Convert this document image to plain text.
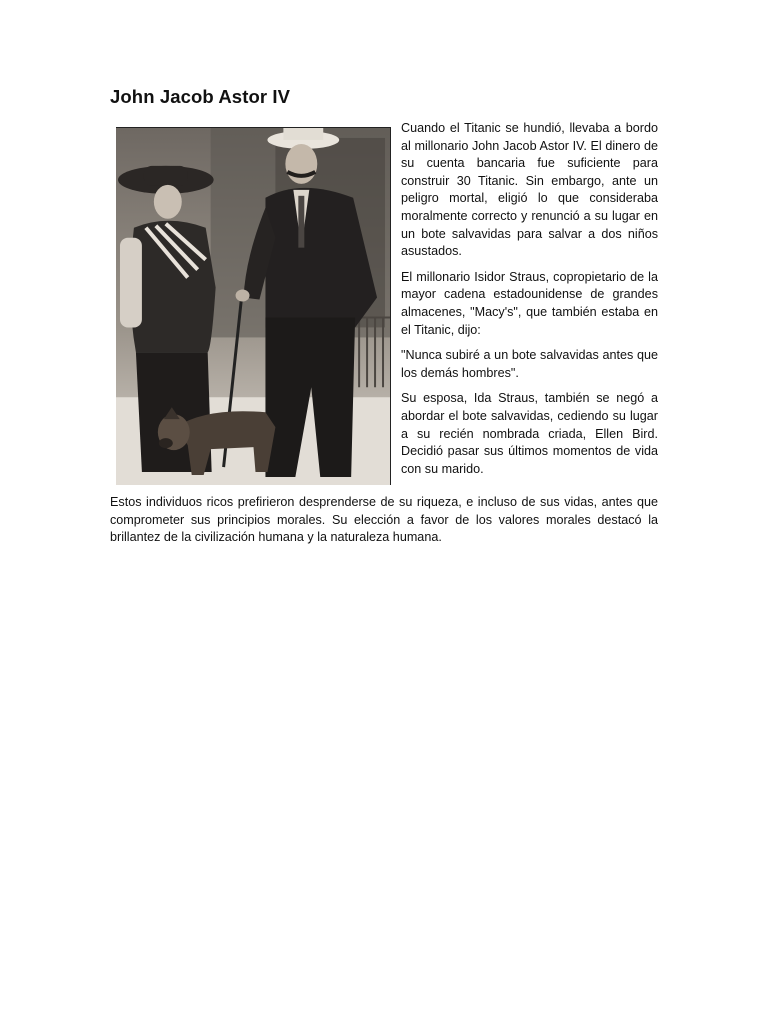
John Jacob Astor IV

Cuando el Titanic se hundió, llevaba a bordo al millonario John Jacob Astor IV. El dinero de su cuenta bancaria fue suficiente para construir 30 Titanic. Sin embargo, ante un peligro mortal, eligió lo que consideraba moralmente correcto y renunció a su lugar en un bote salvavidas para salvar a dos niños asustados.

El millonario Isidor Straus, copropietario de la mayor cadena estadounidense de grandes almacenes, "Macy's", que también estaba en el Titanic, dijo:

"Nunca subiré a un bote salvavidas antes que los demás hombres".

Su esposa, Ida Straus, también se negó a abordar el bote salvavidas, cediendo su lugar a su recién nombrada criada, Ellen Bird. Decidió pasar sus últimos momentos de vida con su marido.

Estos individuos ricos prefirieron desprenderse de su riqueza, e incluso de sus vidas, antes que comprometer sus principios morales. Su elección a favor de los valores morales destacó la brillantez de la civilización humana y la naturaleza humana.
